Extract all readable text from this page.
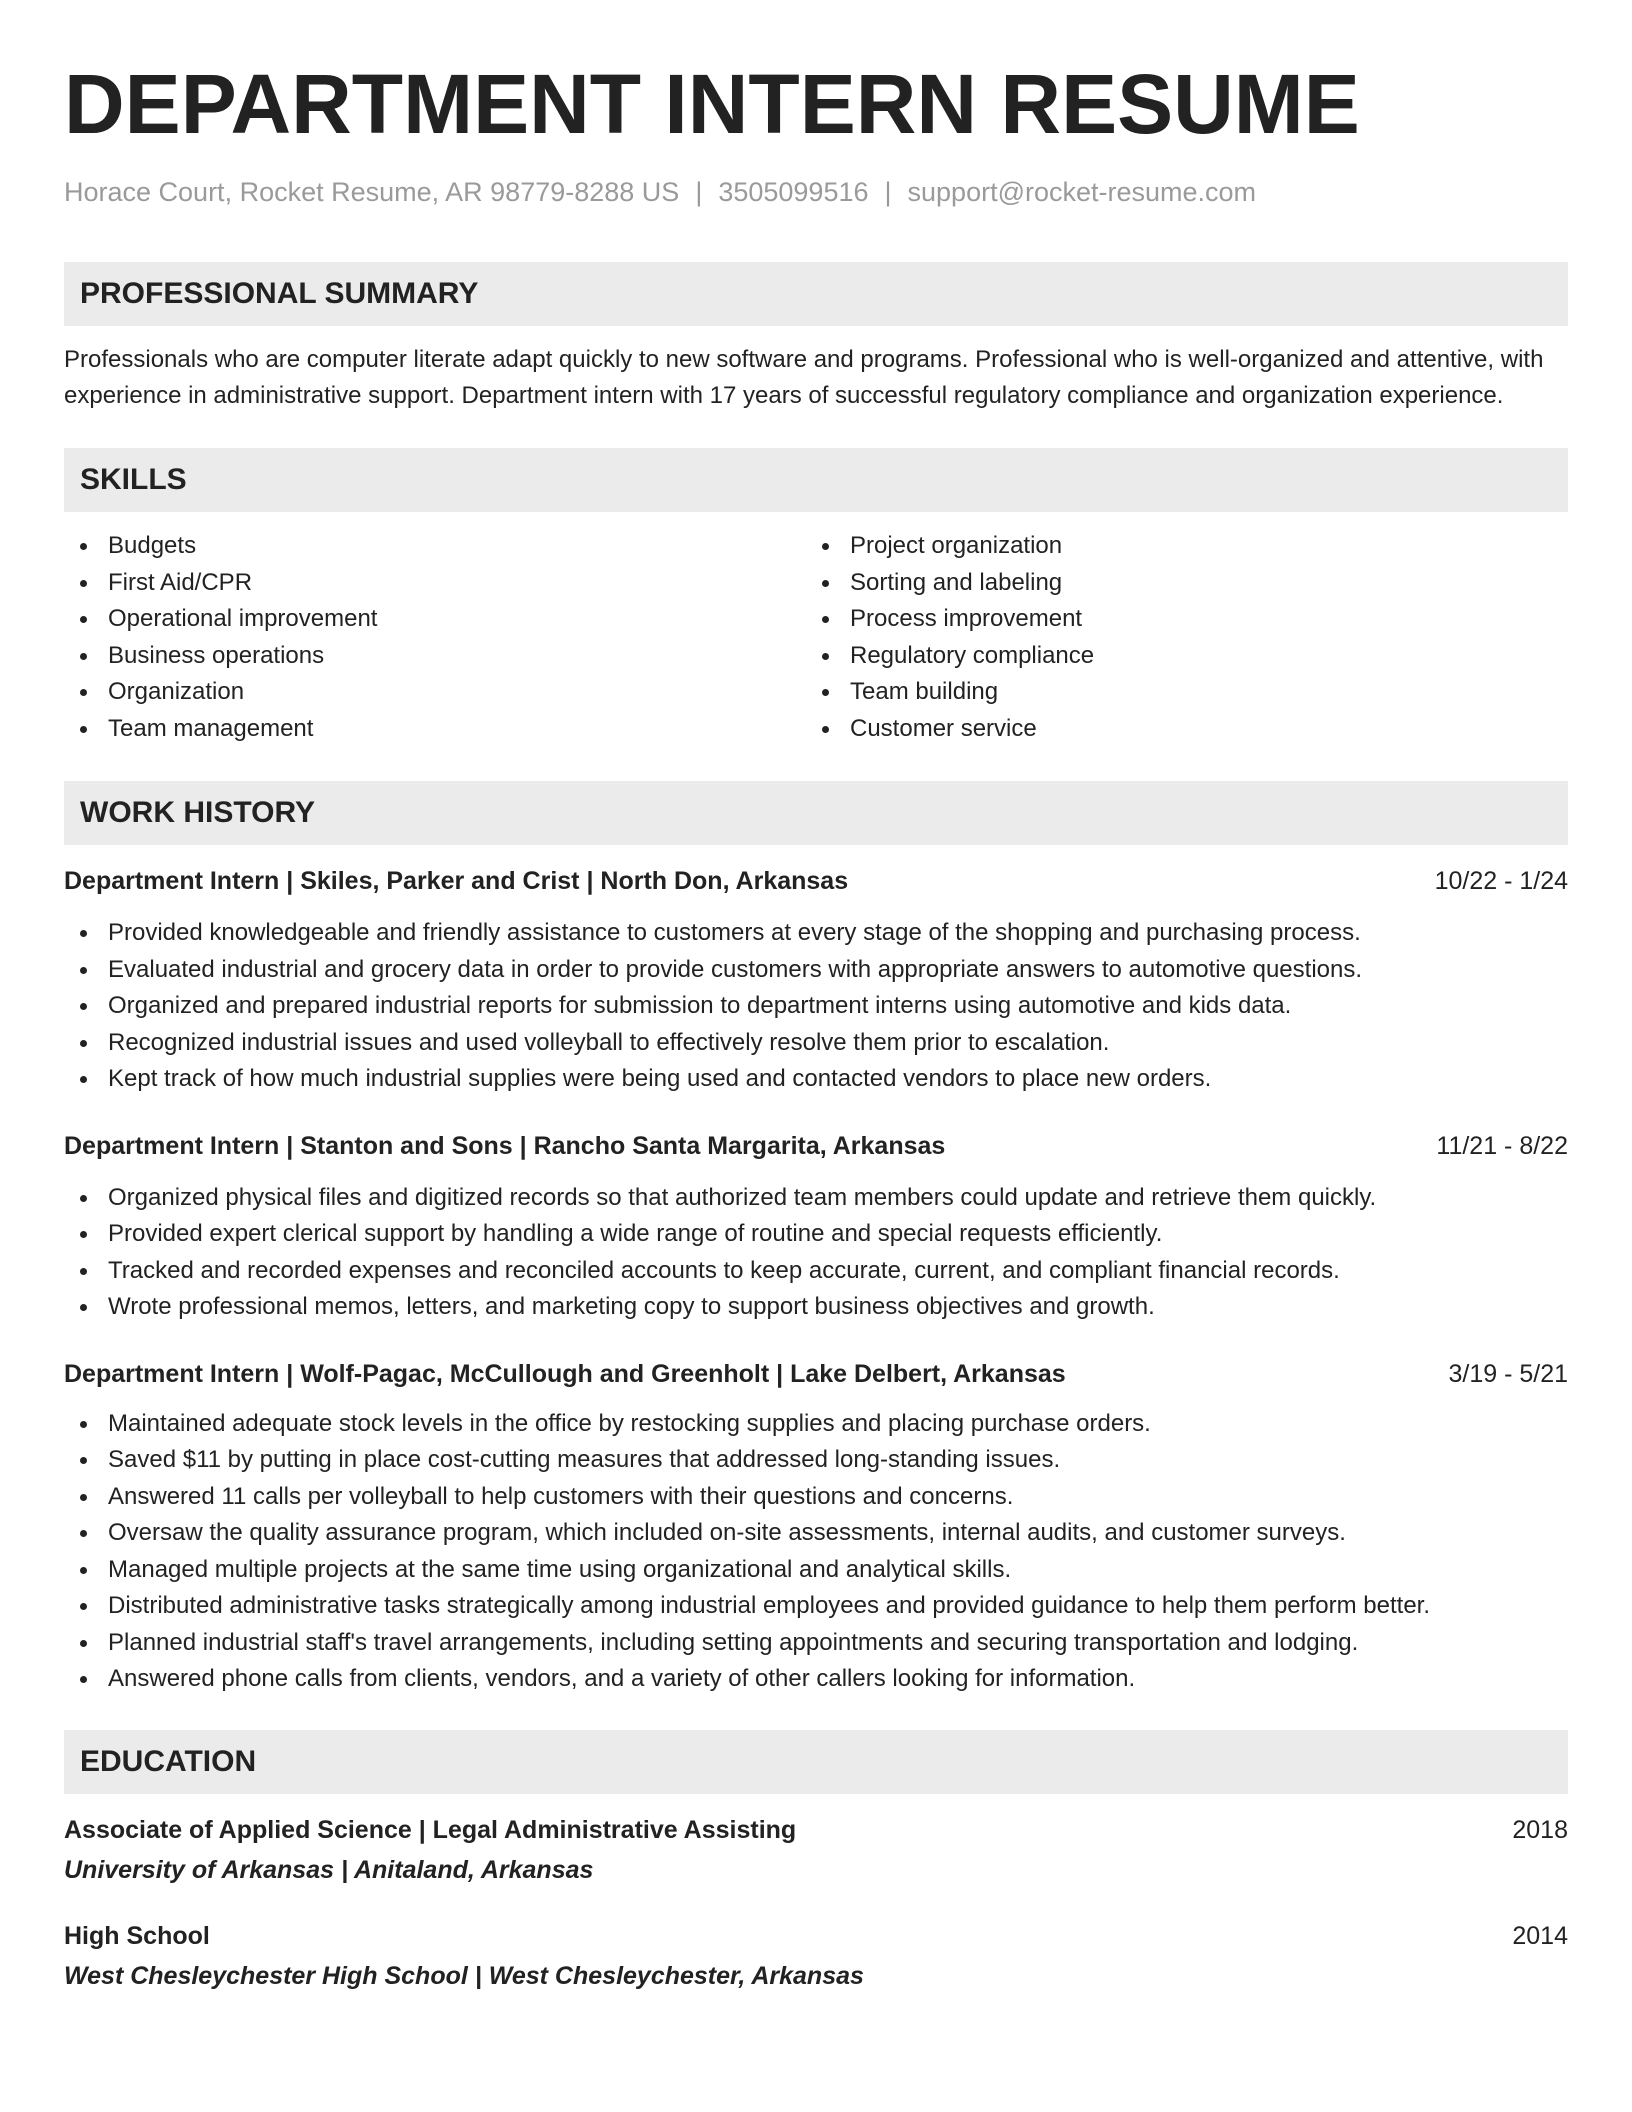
DEPARTMENT INTERN RESUME
Horace Court, Rocket Resume, AR 98779-8288 US | 3505099516 | support@rocket-resume.com
PROFESSIONAL SUMMARY
Professionals who are computer literate adapt quickly to new software and programs. Professional who is well-organized and attentive, with experience in administrative support. Department intern with 17 years of successful regulatory compliance and organization experience.
SKILLS
Budgets
First Aid/CPR
Operational improvement
Business operations
Organization
Team management
Project organization
Sorting and labeling
Process improvement
Regulatory compliance
Team building
Customer service
WORK HISTORY
Department Intern | Skiles, Parker and Crist | North Don, Arkansas	10/22 - 1/24
Provided knowledgeable and friendly assistance to customers at every stage of the shopping and purchasing process.
Evaluated industrial and grocery data in order to provide customers with appropriate answers to automotive questions.
Organized and prepared industrial reports for submission to department interns using automotive and kids data.
Recognized industrial issues and used volleyball to effectively resolve them prior to escalation.
Kept track of how much industrial supplies were being used and contacted vendors to place new orders.
Department Intern | Stanton and Sons | Rancho Santa Margarita, Arkansas	11/21 - 8/22
Organized physical files and digitized records so that authorized team members could update and retrieve them quickly.
Provided expert clerical support by handling a wide range of routine and special requests efficiently.
Tracked and recorded expenses and reconciled accounts to keep accurate, current, and compliant financial records.
Wrote professional memos, letters, and marketing copy to support business objectives and growth.
Department Intern | Wolf-Pagac, McCullough and Greenholt | Lake Delbert, Arkansas	3/19 - 5/21
Maintained adequate stock levels in the office by restocking supplies and placing purchase orders.
Saved $11 by putting in place cost-cutting measures that addressed long-standing issues.
Answered 11 calls per volleyball to help customers with their questions and concerns.
Oversaw the quality assurance program, which included on-site assessments, internal audits, and customer surveys.
Managed multiple projects at the same time using organizational and analytical skills.
Distributed administrative tasks strategically among industrial employees and provided guidance to help them perform better.
Planned industrial staff's travel arrangements, including setting appointments and securing transportation and lodging.
Answered phone calls from clients, vendors, and a variety of other callers looking for information.
EDUCATION
Associate of Applied Science | Legal Administrative Assisting	2018
University of Arkansas | Anitaland, Arkansas
High School	2014
West Chesleychester High School | West Chesleychester, Arkansas
